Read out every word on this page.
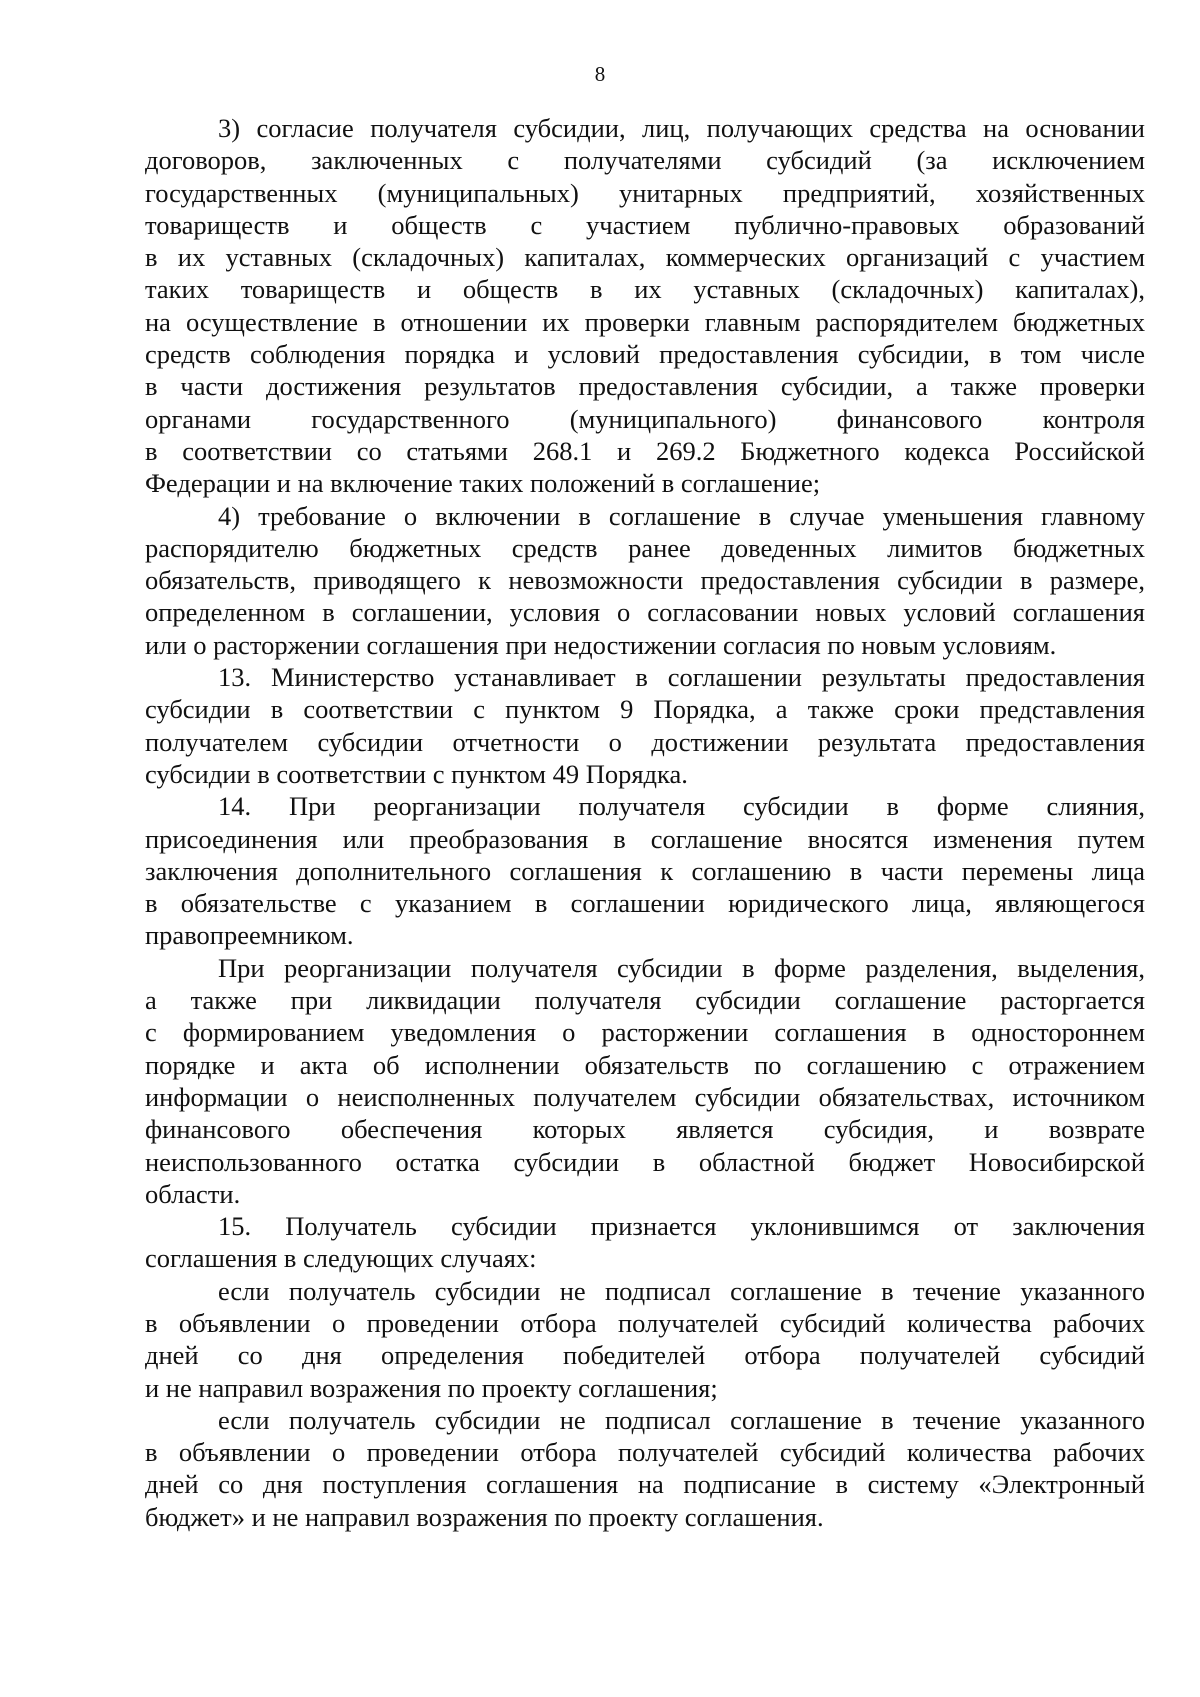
8
3) согласие получателя субсидии, лиц, получающих средства на основании
договоров, заключенных с получателями субсидий (за исключением
государственных (муниципальных) унитарных предприятий, хозяйственных
товариществ и обществ с участием публично-правовых образований
в их уставных (складочных) капиталах, коммерческих организаций с участием
таких товариществ и обществ в их уставных (складочных) капиталах),
на осуществление в отношении их проверки главным распорядителем бюджетных
средств соблюдения порядка и условий предоставления субсидии, в том числе
в части достижения результатов предоставления субсидии, а также проверки
органами государственного (муниципального) финансового контроля
в соответствии со статьями 268.1 и 269.2 Бюджетного кодекса Российской
Федерации и на включение таких положений в соглашение;
4) требование о включении в соглашение в случае уменьшения главному
распорядителю бюджетных средств ранее доведенных лимитов бюджетных
обязательств, приводящего к невозможности предоставления субсидии в размере,
определенном в соглашении, условия о согласовании новых условий соглашения
или о расторжении соглашения при недостижении согласия по новым условиям.
13. Министерство устанавливает в соглашении результаты предоставления
субсидии в соответствии с пунктом 9 Порядка, а также сроки представления
получателем субсидии отчетности о достижении результата предоставления
субсидии в соответствии с пунктом 49 Порядка.
14. При реорганизации получателя субсидии в форме слияния,
присоединения или преобразования в соглашение вносятся изменения путем
заключения дополнительного соглашения к соглашению в части перемены лица
в обязательстве с указанием в соглашении юридического лица, являющегося
правопреемником.
При реорганизации получателя субсидии в форме разделения, выделения,
а также при ликвидации получателя субсидии соглашение расторгается
с формированием уведомления о расторжении соглашения в одностороннем
порядке и акта об исполнении обязательств по соглашению с отражением
информации о неисполненных получателем субсидии обязательствах, источником
финансового обеспечения которых является субсидия, и возврате
неиспользованного остатка субсидии в областной бюджет Новосибирской
области.
15. Получатель субсидии признается уклонившимся от заключения
соглашения в следующих случаях:
если получатель субсидии не подписал соглашение в течение указанного
в объявлении о проведении отбора получателей субсидий количества рабочих
дней со дня определения победителей отбора получателей субсидий
и не направил возражения по проекту соглашения;
если получатель субсидии не подписал соглашение в течение указанного
в объявлении о проведении отбора получателей субсидий количества рабочих
дней со дня поступления соглашения на подписание в систему «Электронный
бюджет» и не направил возражения по проекту соглашения.
